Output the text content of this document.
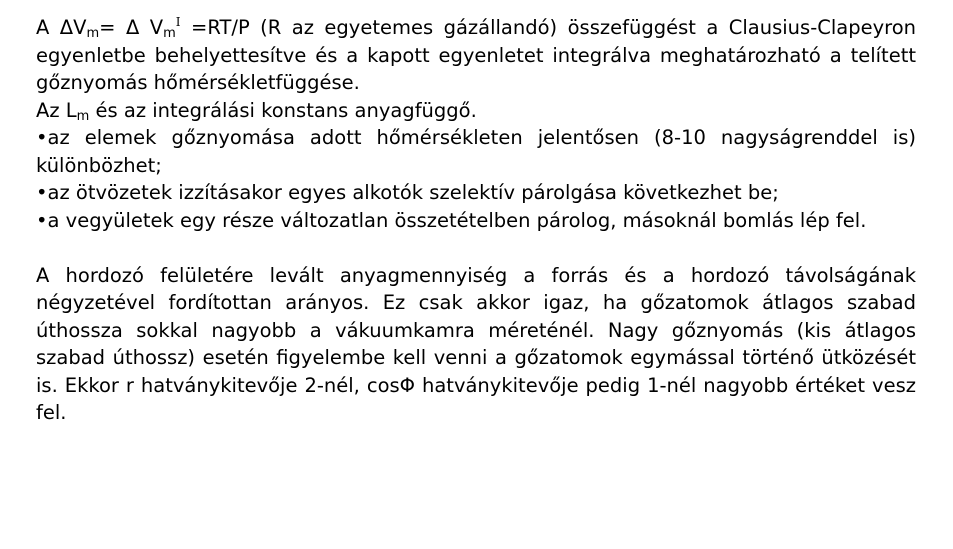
A $\Delta V_m= \Delta$ $V_m^I =RT/P$ (R az egyetemes gázállandó) összefüggést a Clausius-Clapeyron egyenletbe behelyettesítve és a kapott egyenletet integrálva meghatározható a telített gőznyomás hőmérsékletfüggése.

Az $L_m$ és az integrálási konstans anyagfüggő.

•az elemek gőznyomása adott hőmérsékleten jelentősen (8-10 nagyságrenddel is) különbözhet;

•az ötvözetek izzításakor egyes alkotók szelektív párolgása következhet be;

•a vegyületek egy része változatlan összetételben párolog, másoknál bomlás lép fel.

A hordozó felületére levált anyagmennyiség a forrás és a hordozó távolságának négyzetével fordítottan arányos. Ez csak akkor igaz, ha gőzatomok átlagos szabad úthossza sokkal nagyobb a vákuumkamra méreténél. Nagy gőznyomás (kis átlagos szabad úthossz) esetén figyelembe kell venni a gőzatomok egymással történő ütközését is. Ekkor r hatványkitevője 2-nél, cosΦ hatványkitevője pedig 1-nél nagyobb értéket vesz fel.
